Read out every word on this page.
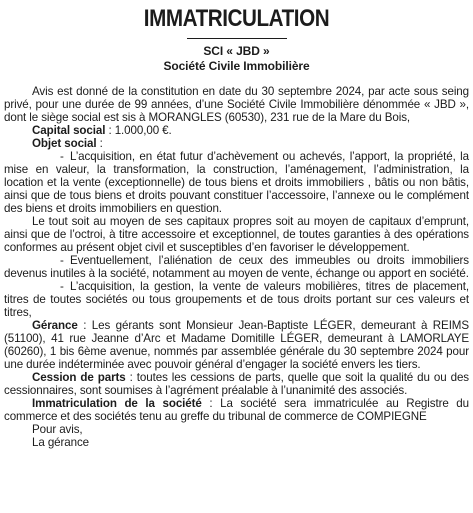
IMMATRICULATION
SCI « JBD »
Société Civile Immobilière

Avis est donné de la constitution en date du 30 septembre 2024, par acte sous seing privé, pour une durée de 99 années, d’une Société Civile Immobilière dénommée « JBD », dont le siège social est sis à MORANGLES (60530), 231 rue de la Mare du Bois,

Capital social : 1.000,00 €.

Objet social :

- L’acquisition, en état futur d’achèvement ou achevés, l’apport, la propriété, la mise en valeur, la transformation, la construction, l’aménagement, l’administration, la location et la vente (exceptionnelle) de tous biens et droits immobiliers , bâtis ou non bâtis, ainsi que de tous biens et droits pouvant constituer l’accessoire, l’annexe ou le complément des biens et droits immobiliers en question.

Le tout soit au moyen de ses capitaux propres soit au moyen de capitaux d’emprunt, ainsi que de l’octroi, à titre accessoire et exceptionnel, de toutes garanties à des opérations conformes au présent objet civil et susceptibles d’en favoriser le développement.

- Eventuellement, l’aliénation de ceux des immeubles ou droits immobiliers devenus inutiles à la société, notamment au moyen de vente, échange ou apport en société.

- L’acquisition, la gestion, la vente de valeurs mobilières, titres de placement, titres de toutes sociétés ou tous groupements et de tous droits portant sur ces valeurs et titres,

Gérance : Les gérants sont Monsieur Jean-Baptiste LÉGER, demeurant à REIMS (51100), 41 rue Jeanne d’Arc et Madame Domitille LÉGER, demeurant à LAMORLAYE (60260), 1 bis 6ème avenue, nommés par assemblée générale du 30 septembre 2024 pour une durée indéterminée avec pouvoir général d’engager la société envers les tiers.

Cession de parts : toutes les cessions de parts, quelle que soit la qualité du ou des cessionnaires, sont soumises à l’agrément préalable à l’unanimité des associés.

Immatriculation de la société : La société sera immatriculée au Registre du commerce et des sociétés tenu au greffe du tribunal de commerce de COMPIEGNE

Pour avis,

La gérance
